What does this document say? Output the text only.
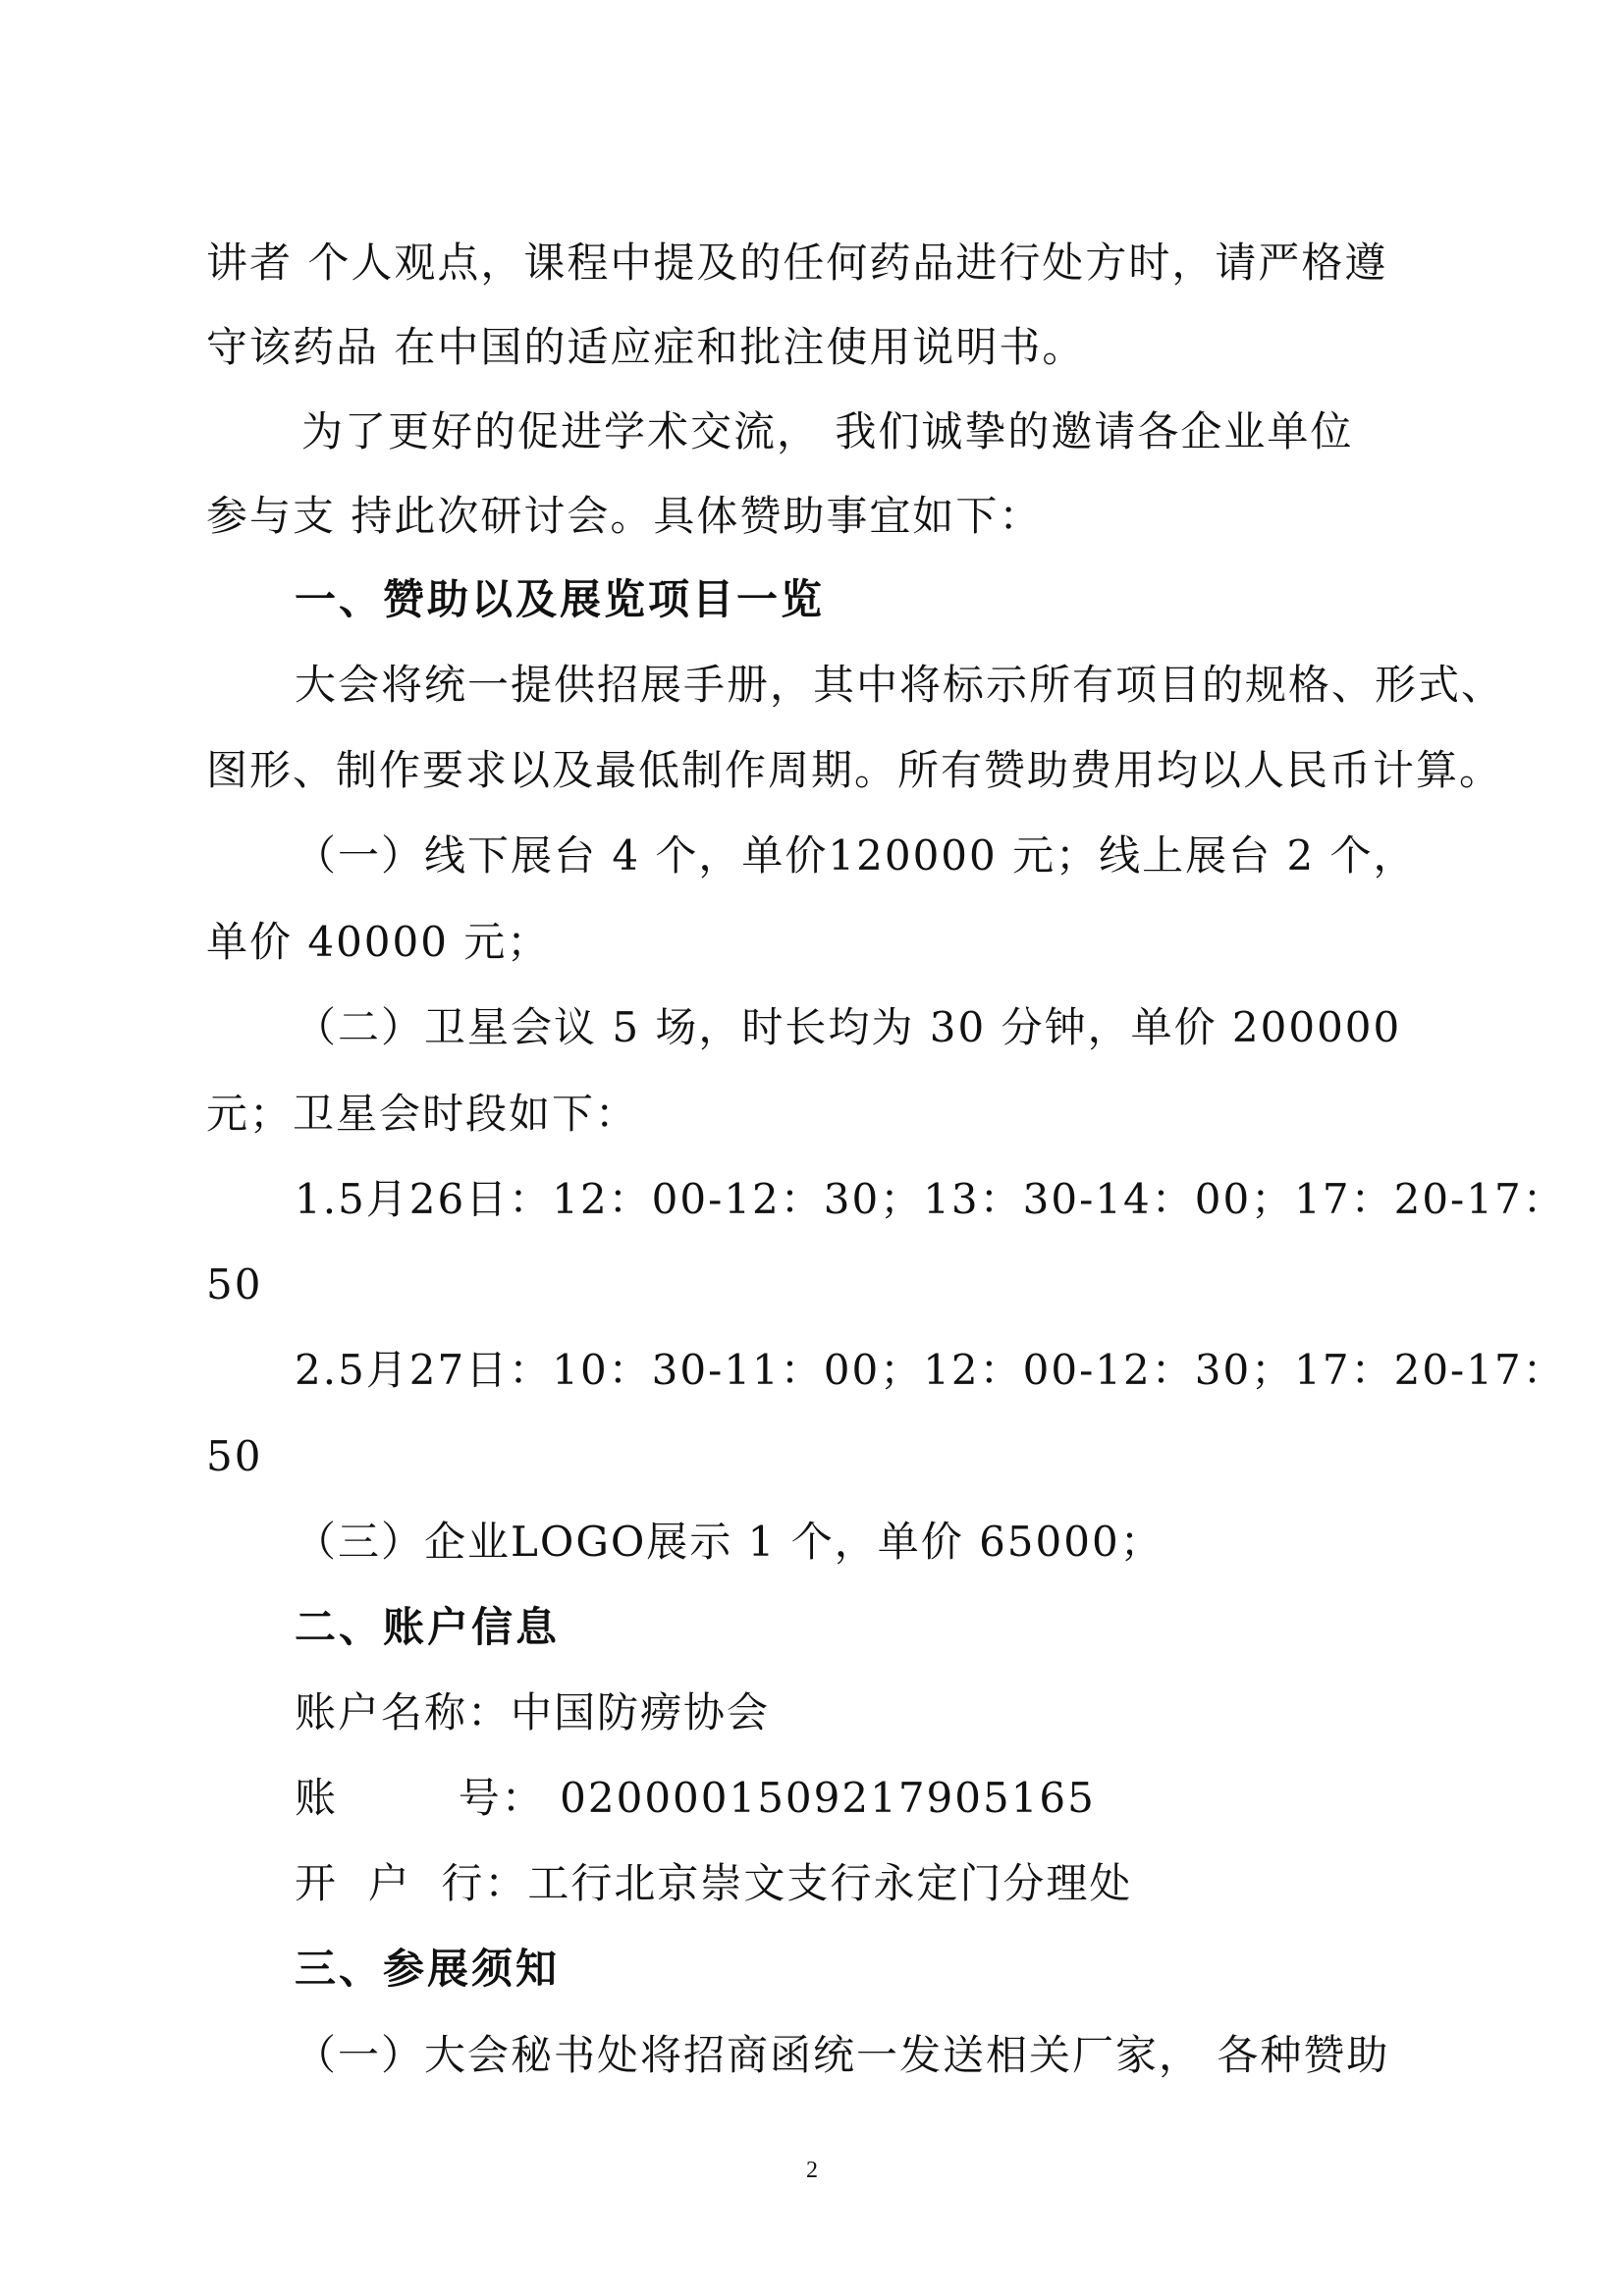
讲者 个人观点，课程中提及的任何药品进行处方时，请严格遵
守该药品 在中国的适应症和批注使用说明书。
为了更好的促进学术交流， 我们诚挚的邀请各企业单位
参与支 持此次研讨会。具体赞助事宜如下：
一、赞助以及展览项目一览
大会将统一提供招展手册，其中将标示所有项目的规格、形式、
图形、制作要求以及最低制作周期。所有赞助费用均以人民币计算。
（一）线下展台 4 个，单价120000 元；线上展台 2 个，
单价 40000 元；
（二）卫星会议 5 场，时长均为 30 分钟，单价 200000
元；卫星会时段如下：
1.5月26日：12：00-12：30；13：30-14：00；17：20-17：
50
2.5月27日：10：30-11：00；12：00-12：30；17：20-17：
50
（三）企业LOGO展示 1 个，单价 65000；
二、账户信息
账户名称：中国防痨协会
账        号： 0200001509217905165
开  户  行：工行北京崇文支行永定门分理处
三、参展须知
（一）大会秘书处将招商函统一发送相关厂家， 各种赞助
2
